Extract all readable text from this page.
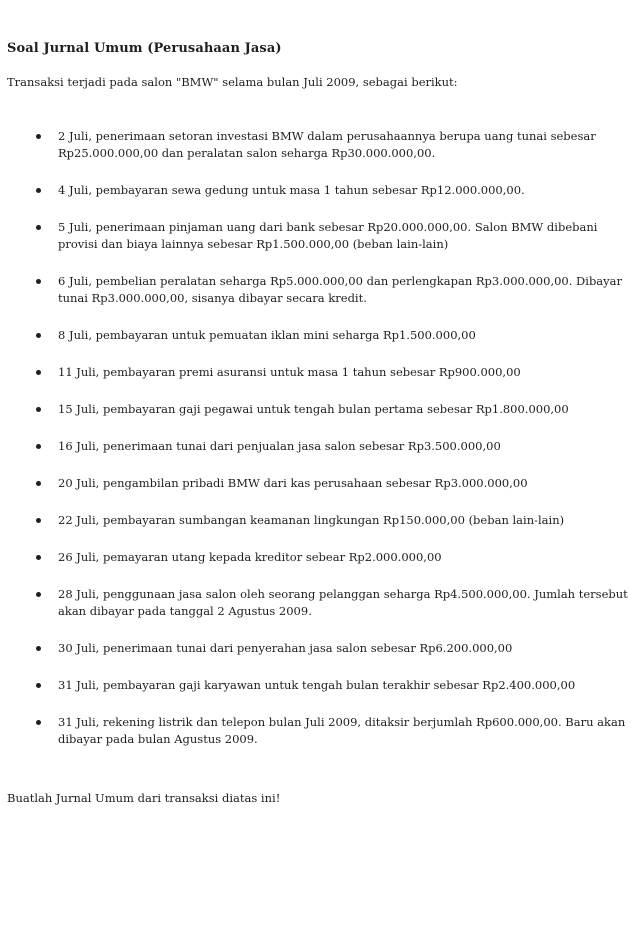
Soal Jurnal Umum (Perusahaan Jasa)

Transaksi terjadi pada salon "BMW" selama bulan Juli 2009, sebagai berikut:

2 Juli, penerimaan setoran investasi BMW dalam perusahaannya berupa uang tunai sebesar Rp25.000.000,00 dan peralatan salon seharga Rp30.000.000,00.
4 Juli, pembayaran sewa gedung untuk masa 1 tahun sebesar Rp12.000.000,00.
5 Juli, penerimaan pinjaman uang dari bank sebesar Rp20.000.000,00. Salon BMW dibebani provisi dan biaya lainnya sebesar Rp1.500.000,00 (beban lain-lain)
6 Juli, pembelian peralatan seharga Rp5.000.000,00 dan perlengkapan Rp3.000.000,00. Dibayar tunai Rp3.000.000,00, sisanya dibayar secara kredit.
8 Juli, pembayaran untuk pemuatan iklan mini seharga Rp1.500.000,00
11 Juli, pembayaran premi asuransi untuk masa 1 tahun sebesar Rp900.000,00
15 Juli, pembayaran gaji pegawai untuk tengah bulan pertama sebesar Rp1.800.000,00
16 Juli, penerimaan tunai dari penjualan jasa salon sebesar Rp3.500.000,00
20 Juli, pengambilan pribadi BMW dari kas perusahaan sebesar Rp3.000.000,00
22 Juli, pembayaran sumbangan keamanan lingkungan Rp150.000,00 (beban lain-lain)
26 Juli, pemayaran utang kepada kreditor sebear Rp2.000.000,00
28 Juli, penggunaan jasa salon oleh seorang pelanggan seharga Rp4.500.000,00. Jumlah tersebut akan dibayar pada tanggal 2 Agustus 2009.
30 Juli, penerimaan tunai dari penyerahan jasa salon sebesar Rp6.200.000,00
31 Juli, pembayaran gaji karyawan untuk tengah bulan terakhir sebesar Rp2.400.000,00
31 Juli, rekening listrik dan telepon bulan Juli 2009, ditaksir berjumlah Rp600.000,00. Baru akan dibayar pada bulan Agustus 2009.

Buatlah Jurnal Umum dari transaksi diatas ini!
